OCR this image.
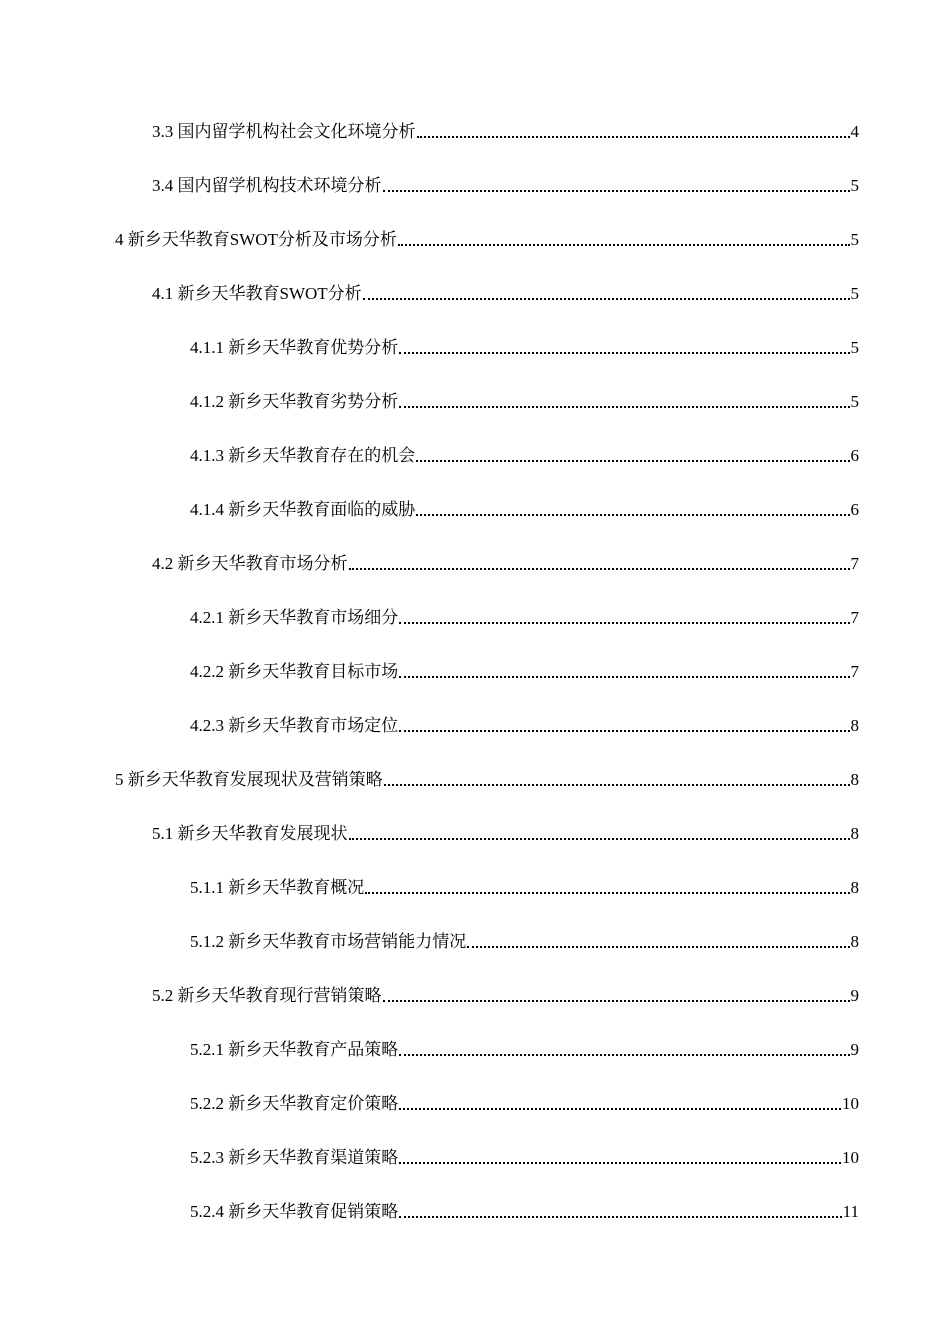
3.3 国内留学机构社会文化环境分析	4
3.4 国内留学机构技术环境分析	5
4 新乡天华教育SWOT分析及市场分析	5
4.1 新乡天华教育SWOT分析	5
4.1.1 新乡天华教育优势分析	5
4.1.2 新乡天华教育劣势分析	5
4.1.3 新乡天华教育存在的机会	6
4.1.4 新乡天华教育面临的威胁	6
4.2 新乡天华教育市场分析	7
4.2.1 新乡天华教育市场细分	7
4.2.2 新乡天华教育目标市场	7
4.2.3 新乡天华教育市场定位	8
5 新乡天华教育发展现状及营销策略	8
5.1 新乡天华教育发展现状	8
5.1.1 新乡天华教育概况	8
5.1.2 新乡天华教育市场营销能力情况	8
5.2 新乡天华教育现行营销策略	9
5.2.1 新乡天华教育产品策略	9
5.2.2 新乡天华教育定价策略	10
5.2.3 新乡天华教育渠道策略	10
5.2.4 新乡天华教育促销策略	11
